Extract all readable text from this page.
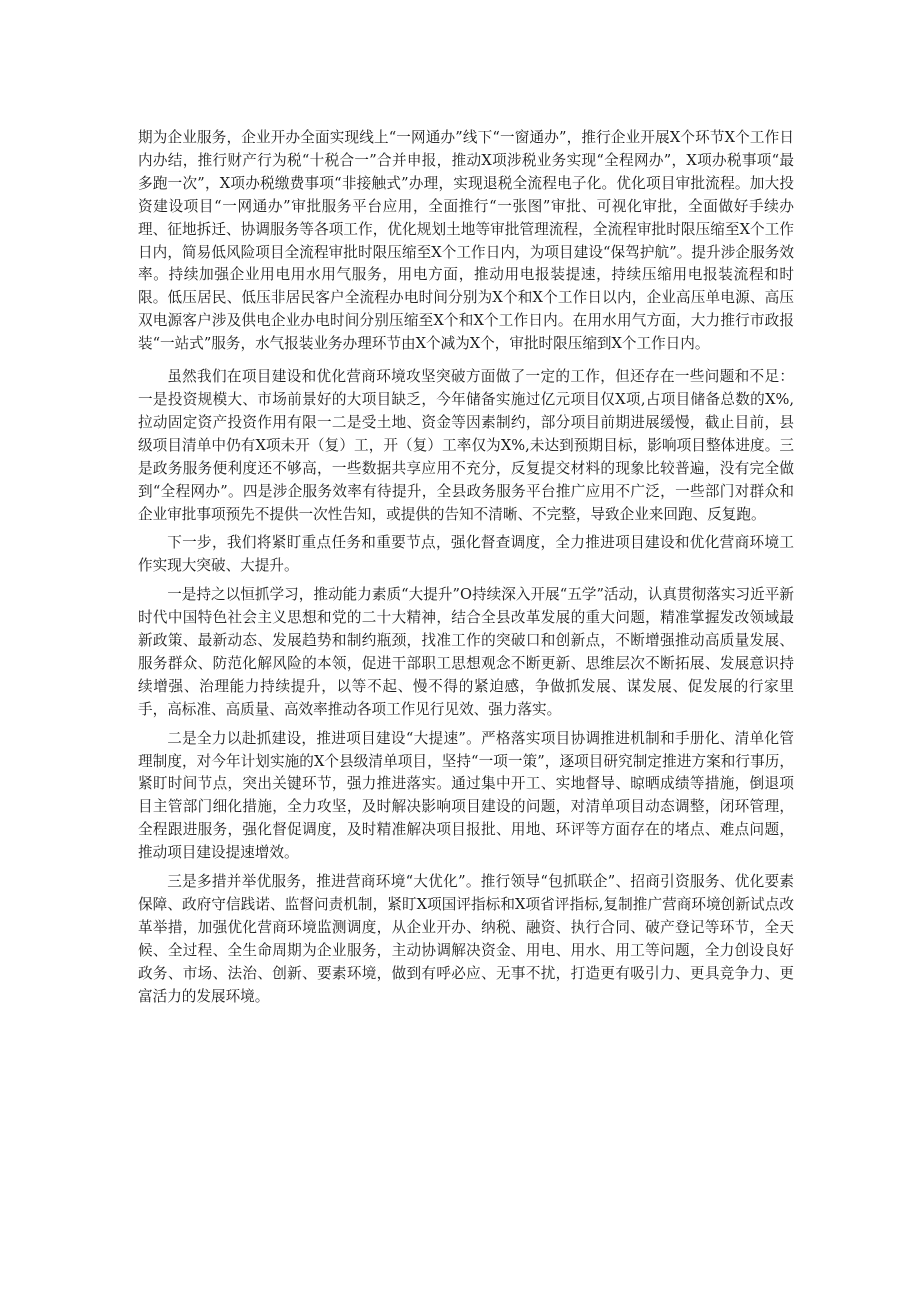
期为企业服务，企业开办全面实现线上“一网通办”线下“一窗通办”，推行企业开展X个环节X个工作日内办结，推行财产行为税“十税合一”合并申报，推动X项涉税业务实现“全程网办”，X项办税事项“最多跑一次”，X项办税缴费事项“非接触式”办理，实现退税全流程电子化。优化项目审批流程。加大投资建设项目“一网通办”审批服务平台应用，全面推行“一张图”审批、可视化审批，全面做好手续办理、征地拆迁、协调服务等各项工作，优化规划土地等审批管理流程，全流程审批时限压缩至X个工作日内，简易低风险项目全流程审批时限压缩至X个工作日内，为项目建设“保驾护航”。提升涉企服务效率。持续加强企业用电用水用气服务，用电方面，推动用电报装提速，持续压缩用电报装流程和时限。低压居民、低压非居民客户全流程办电时间分别为X个和X个工作日以内，企业高压单电源、高压双电源客户涉及供电企业办电时间分别压缩至X个和X个工作日内。在用水用气方面，大力推行市政报装“一站式”服务，水气报装业务办理环节由X个减为X个，审批时限压缩到X个工作日内。

虽然我们在项目建设和优化营商环境攻坚突破方面做了一定的工作，但还存在一些问题和不足：一是投资规模大、市场前景好的大项目缺乏，今年储备实施过亿元项目仅X项,占项目储备总数的X%,拉动固定资产投资作用有限一二是受土地、资金等因素制约，部分项目前期进展缓慢，截止目前，县级项目清单中仍有X项未开（复）工，开（复）工率仅为X%,未达到预期目标，影响项目整体进度。三是政务服务便利度还不够高，一些数据共享应用不充分，反复提交材料的现象比较普遍，没有完全做到“全程网办”。四是涉企服务效率有待提升，全县政务服务平台推广应用不广泛，一些部门对群众和企业审批事项预先不提供一次性告知，或提供的告知不清晰、不完整，导致企业来回跑、反复跑。

下一步，我们将紧盯重点任务和重要节点，强化督查调度，全力推进项目建设和优化营商环境工作实现大突破、大提升。

一是持之以恒抓学习，推动能力素质“大提升”O持续深入开展“五学”活动，认真贯彻落实习近平新时代中国特色社会主义思想和党的二十大精神，结合全县改革发展的重大问题，精准掌握发改领域最新政策、最新动态、发展趋势和制约瓶颈，找准工作的突破口和创新点，不断增强推动高质量发展、服务群众、防范化解风险的本领，促进干部职工思想观念不断更新、思维层次不断拓展、发展意识持续增强、治理能力持续提升，以等不起、慢不得的紧迫感，争做抓发展、谋发展、促发展的行家里手，高标准、高质量、高效率推动各项工作见行见效、强力落实。

二是全力以赴抓建设，推进项目建设“大提速”。严格落实项目协调推进机制和手册化、清单化管理制度，对今年计划实施的X个县级清单项目，坚持“一项一策”，逐项目研究制定推进方案和行事历，紧盯时间节点，突出关键环节，强力推进落实。通过集中开工、实地督导、晾晒成绩等措施，倒退项目主管部门细化措施，全力攻坚，及时解决影响项目建设的问题，对清单项目动态调整，闭环管理，全程跟进服务，强化督促调度，及时精准解决项目报批、用地、环评等方面存在的堵点、难点问题，推动项目建设提速增效。

三是多措并举优服务，推进营商环境“大优化”。推行领导“包抓联企”、招商引资服务、优化要素保障、政府守信践诺、监督问责机制，紧盯X项国评指标和X项省评指标,复制推广营商环境创新试点改革举措，加强优化营商环境监测调度，从企业开办、纳税、融资、执行合同、破产登记等环节，全天候、全过程、全生命周期为企业服务，主动协调解决资金、用电、用水、用工等问题，全力创设良好政务、市场、法治、创新、要素环境，做到有呼必应、无事不扰，打造更有吸引力、更具竞争力、更富活力的发展环境。
